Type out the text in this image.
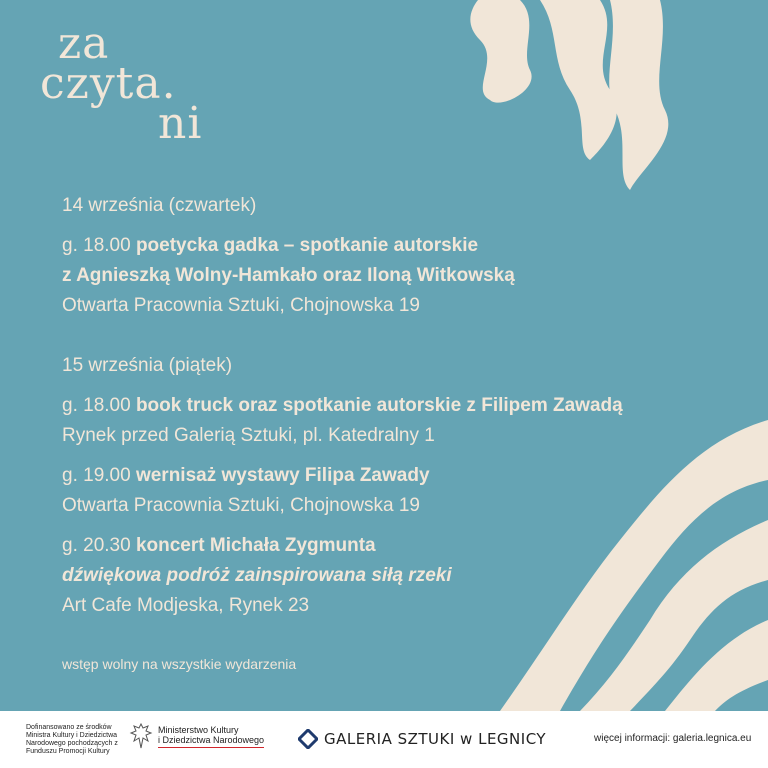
za
czyta.
ni
14 września (czwartek)
g. 18.00 poetycka gadka – spotkanie autorskie
z Agnieszką Wolny-Hamkało oraz Iloną Witkowską
Otwarta Pracownia Sztuki, Chojnowska 19
15 września (piątek)
g. 18.00 book truck oraz spotkanie autorskie z Filipem Zawadą
Rynek przed Galerią Sztuki, pl. Katedralny 1
g. 19.00 wernisaż wystawy Filipa Zawady
Otwarta Pracownia Sztuki, Chojnowska 19
g. 20.30 koncert Michała Zygmunta
dźwiękowa podróż zainspirowana siłą rzeki
Art Cafe Modjeska, Rynek 23
wstęp wolny na wszystkie wydarzenia
Dofinansowano ze środków Ministra Kultury i Dziedzictwa Narodowego pochodzących z Funduszu Promocji Kultury
Ministerstwo Kultury
i Dziedzictwa Narodowego	GALERIA SZTUKI w LEGNICY	więcej informacji: galeria.legnica.eu
